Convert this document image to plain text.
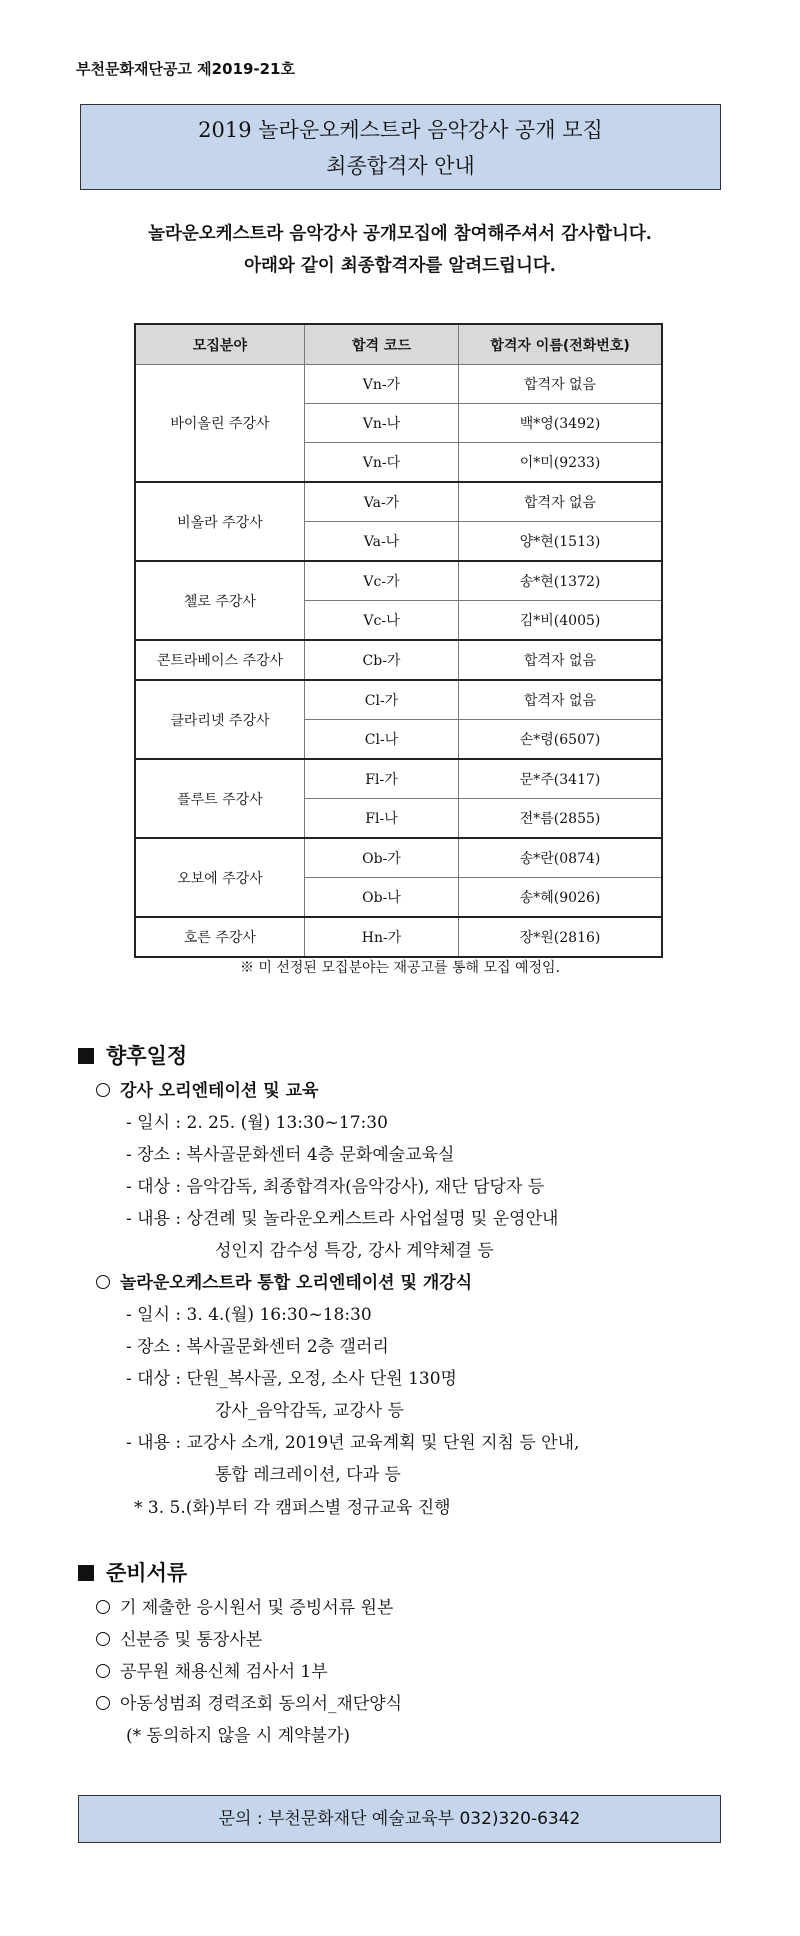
부천문화재단공고 제2019-21호
2019 놀라운오케스트라 음악강사 공개 모집
최종합격자 안내
놀라운오케스트라 음악강사 공개모집에 참여해주셔서 감사합니다.
아래와 같이 최종합격자를 알려드립니다.
모집분야	합격 코드	합격자 이름(전화번호)
바이올린 주강사	Vn-가	합격자 없음
	Vn-나	백*영(3492)
	Vn-다	이*미(9233)
비올라 주강사	Va-가	합격자 없음
	Va-나	양*현(1513)
첼로 주강사	Vc-가	송*현(1372)
	Vc-나	김*비(4005)
콘트라베이스 주강사	Cb-가	합격자 없음
클라리넷 주강사	Cl-가	합격자 없음
	Cl-나	손*령(6507)
플루트 주강사	Fl-가	문*주(3417)
	Fl-나	전*름(2855)
오보에 주강사	Ob-가	송*란(0874)
	Ob-나	송*혜(9026)
호른 주강사	Hn-가	장*원(2816)
※ 미 선정된 모집분야는 재공고를 통해 모집 예정임.
향후일정
강사 오리엔테이션 및 교육
- 일시 : 2. 25. (월) 13:30~17:30
- 장소 : 복사골문화센터 4층 문화예술교육실
- 대상 : 음악감독, 최종합격자(음악강사), 재단 담당자 등
- 내용 : 상견례 및 놀라운오케스트라 사업설명 및 운영안내
성인지 감수성 특강, 강사 계약체결 등
놀라운오케스트라 통합 오리엔테이션 및 개강식
- 일시 : 3. 4.(월) 16:30~18:30
- 장소 : 복사골문화센터 2층 갤러리
- 대상 : 단원_복사골, 오정, 소사 단원 130명
강사_음악감독, 교강사 등
- 내용 : 교강사 소개, 2019년 교육계획 및 단원 지침 등 안내,
통합 레크레이션, 다과 등
* 3. 5.(화)부터 각 캠퍼스별 정규교육 진행
준비서류
기 제출한 응시원서 및 증빙서류 원본
신분증 및 통장사본
공무원 채용신체 검사서 1부
아동성범죄 경력조회 동의서_재단양식
(* 동의하지 않을 시 계약불가)
문의 : 부천문화재단 예술교육부 032)320-6342
